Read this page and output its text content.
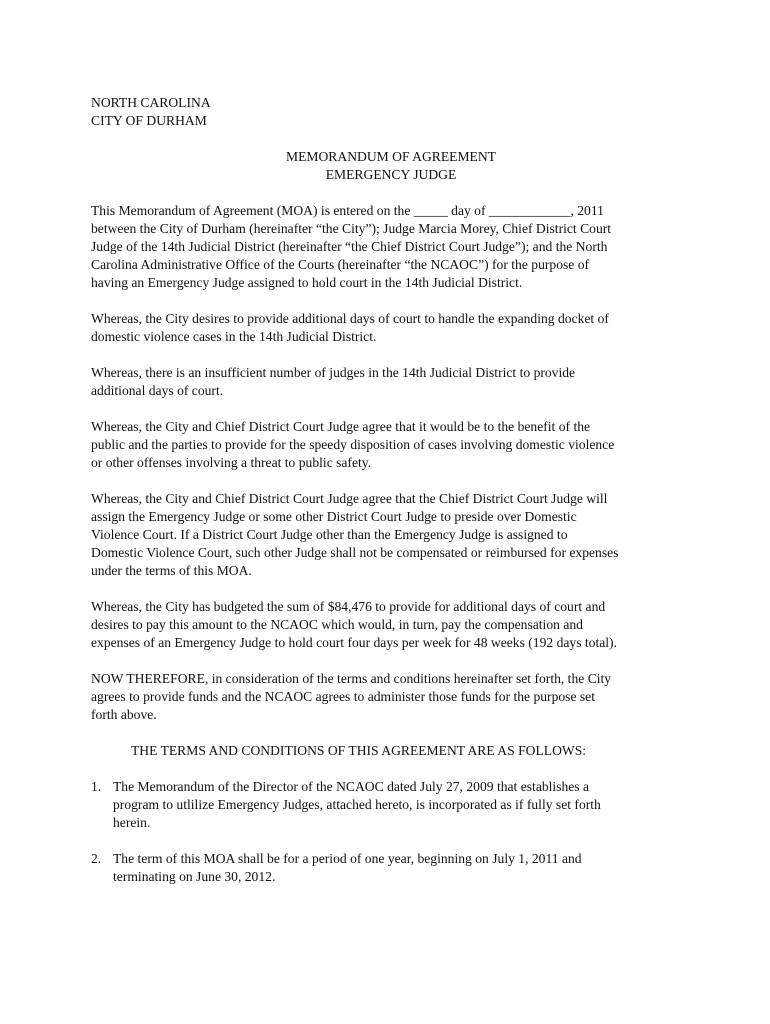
NORTH CAROLINA
CITY OF DURHAM
MEMORANDUM OF AGREEMENT
EMERGENCY JUDGE
This Memorandum of Agreement (MOA) is entered on the _____ day of ____________, 2011
between the City of Durham (hereinafter “the City”); Judge Marcia Morey, Chief District Court
Judge of the 14th Judicial District (hereinafter “the Chief District Court Judge”); and the North
Carolina Administrative Office of the Courts (hereinafter “the NCAOC”) for the purpose of
having an Emergency Judge assigned to hold court in the 14th Judicial District.
Whereas, the City desires to provide additional days of court to handle the expanding docket of
domestic violence cases in the 14th Judicial District.
Whereas, there is an insufficient number of judges in the 14th Judicial District to provide
additional days of court.
Whereas, the City and Chief District Court Judge agree that it would be to the benefit of the
public and the parties to provide for the speedy disposition of cases involving domestic violence
or other offenses involving a threat to public safety.
Whereas, the City and Chief District Court Judge agree that the Chief District Court Judge will
assign the Emergency Judge or some other District Court Judge to preside over Domestic
Violence Court. If a District Court Judge other than the Emergency Judge is assigned to
Domestic Violence Court, such other Judge shall not be compensated or reimbursed for expenses
under the terms of this MOA.
Whereas, the City has budgeted the sum of $84,476 to provide for additional days of court and
desires to pay this amount to the NCAOC which would, in turn, pay the compensation and
expenses of an Emergency Judge to hold court four days per week for 48 weeks (192 days total).
NOW THEREFORE, in consideration of the terms and conditions hereinafter set forth, the City
agrees to provide funds and the NCAOC agrees to administer those funds for the purpose set
forth above.
THE TERMS AND CONDITIONS OF THIS AGREEMENT ARE AS FOLLOWS:
1. The Memorandum of the Director of the NCAOC dated July 27, 2009 that establishes a
program to utlilize Emergency Judges, attached hereto, is incorporated as if fully set forth
herein.
2. The term of this MOA shall be for a period of one year, beginning on July 1, 2011 and
terminating on June 30, 2012.
